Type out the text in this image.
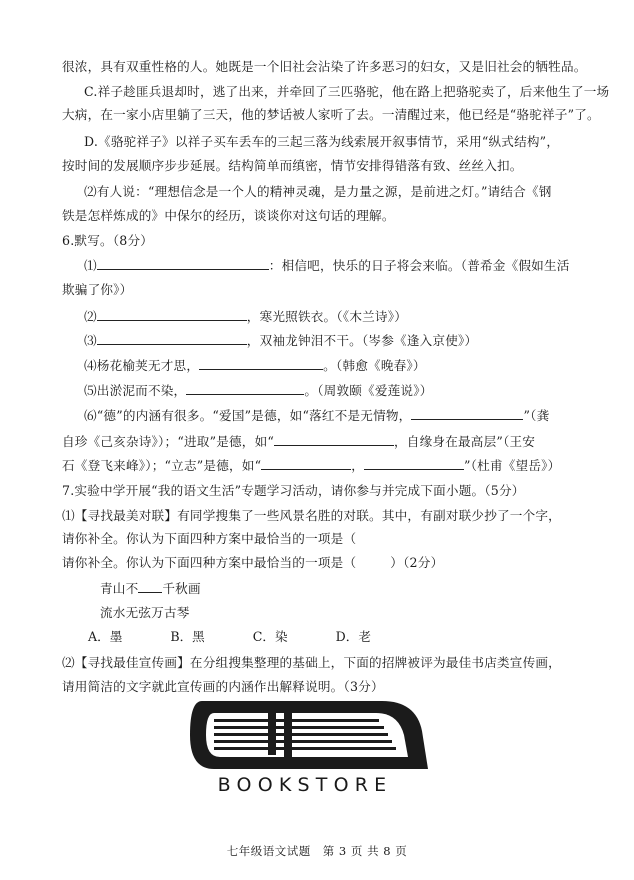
很浓，具有双重性格的人。她既是一个旧社会沾染了许多恶习的妇女，又是旧社会的牺牲品。
C.祥子趁匪兵退却时，逃了出来，并牵回了三匹骆驼，他在路上把骆驼卖了，后来他生了一场
大病，在一家小店里躺了三天，他的梦话被人家听了去。一清醒过来，他已经是“骆驼祥子”了。
D.《骆驼祥子》以祥子买车丢车的三起三落为线索展开叙事情节，采用“纵式结构”，
按时间的发展顺序步步延展。结构简单而缜密，情节安排得错落有致、丝丝入扣。
⑵有人说：“理想信念是一个人的精神灵魂，是力量之源，是前进之灯。”请结合《钢
铁是怎样炼成的》中保尔的经历，谈谈你对这句话的理解。
6.默写。（8分）
⑴	：相信吧，快乐的日子将会来临。（普希金《假如生活
欺骗了你》）
⑵	，寒光照铁衣。（《木兰诗》）
⑶	，双袖龙钟泪不干。（岑参《逢入京使》）
⑷杨花榆荚无才思，	。（韩愈《晚春》）
⑸出淤泥而不染，	。（周敦颐《爱莲说》）
⑹“德”的内涵有很多。“爱国”是德，如“落红不是无情物，	”（龚
自珍《己亥杂诗》）；“进取”是德，如“	，自缘身在最高层”（王安
石《登飞来峰》）；“立志”是德，如“	，	”（杜甫《望岳》）
7.实验中学开展“我的语文生活”专题学习活动，请你参与并完成下面小题。（5分）
⑴【寻找最美对联】有同学搜集了一些风景名胜的对联。其中，有副对联少抄了一个字，
请你补全。你认为下面四种方案中最恰当的一项是（
请你补全。你认为下面四种方案中最恰当的一项是（	）（2分）
青山不 千秋画
流水无弦万古琴
A．墨	B．黑	C．染	D．老
⑵【寻找最佳宣传画】在分组搜集整理的基础上，下面的招牌被评为最佳书店类宣传画，
请用简洁的文字就此宣传画的内涵作出解释说明。（3分）
BOOKSTORE
七年级语文试题　第 3 页 共 8 页
